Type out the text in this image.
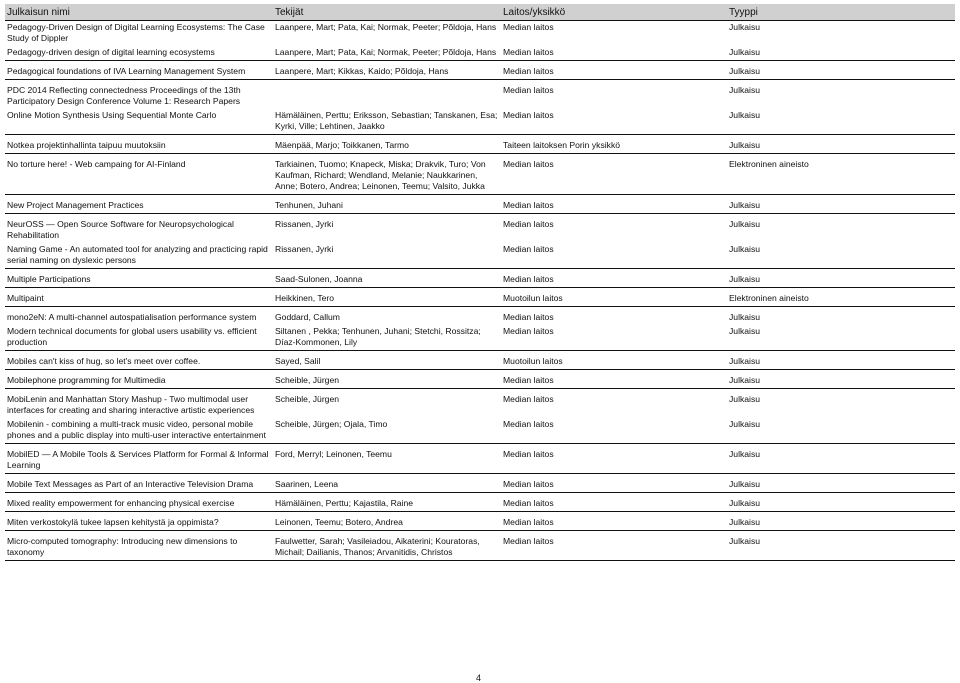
Julkaisun nimi	Tekijät	Laitos/yksikkö	Tyyppi
Pedagogy-Driven Design of Digital Learning Ecosystems: The Case Study of Dippler	Laanpere, Mart; Pata, Kai; Normak, Peeter; Põldoja, Hans	Median laitos	Julkaisu
Pedagogy-driven design of digital learning ecosystems	Laanpere, Mart; Pata, Kai; Normak, Peeter; Põldoja, Hans	Median laitos	Julkaisu

Pedagogical foundations of IVA Learning Management System	Laanpere, Mart; Kikkas, Kaido; Põldoja, Hans	Median laitos	Julkaisu

PDC 2014 Reflecting connectedness Proceedings of the 13th Participatory Design Conference Volume 1: Research Papers		Median laitos	Julkaisu
Online Motion Synthesis Using Sequential Monte Carlo	Hämäläinen, Perttu; Eriksson, Sebastian; Tanskanen, Esa; Kyrki, Ville; Lehtinen, Jaakko	Median laitos	Julkaisu

Notkea projektinhallinta taipuu muutoksiin	Mäenpää, Marjo; Toikkanen, Tarmo	Taiteen laitoksen Porin yksikkö	Julkaisu

No torture here! - Web campaing for AI-Finland	Tarkiainen, Tuomo; Knapeck, Miska; Drakvik, Turo; Von Kaufman, Richard; Wendland, Melanie; Naukkarinen, Anne; Botero, Andrea; Leinonen, Teemu; Valsito, Jukka	Median laitos	Elektroninen aineisto

New Project Management Practices	Tenhunen, Juhani	Median laitos	Julkaisu

NeurOSS — Open Source Software for Neuropsychological Rehabilitation	Rissanen, Jyrki	Median laitos	Julkaisu
Naming Game - An automated tool for analyzing and practicing rapid serial naming on dyslexic persons	Rissanen, Jyrki	Median laitos	Julkaisu

Multiple Participations	Saad-Sulonen, Joanna	Median laitos	Julkaisu

Multipaint	Heikkinen, Tero	Muotoilun laitos	Elektroninen aineisto

mono2eN: A multi-channel autospatialisation performance system	Goddard, Callum	Median laitos	Julkaisu
Modern technical documents for global users usability vs. efficient production	Siltanen , Pekka; Tenhunen, Juhani; Stetchi, Rossitza; Díaz-Kommonen, Lily	Median laitos	Julkaisu

Mobiles can't kiss of hug, so let's meet over coffee.	Sayed, Salil	Muotoilun laitos	Julkaisu

Mobilephone programming for Multimedia	Scheible, Jürgen	Median laitos	Julkaisu

MobiLenin and Manhattan Story Mashup - Two multimodal user interfaces for creating and sharing interactive artistic experiences	Scheible, Jürgen	Median laitos	Julkaisu
Mobilenin - combining a multi-track music video, personal mobile phones and a public display into multi-user interactive entertainment	Scheible, Jürgen; Ojala, Timo	Median laitos	Julkaisu

MobilED — A Mobile Tools & Services Platform for Formal & Informal Learning	Ford, Merryl; Leinonen, Teemu	Median laitos	Julkaisu

Mobile Text Messages as Part of an Interactive Television Drama	Saarinen, Leena	Median laitos	Julkaisu

Mixed reality empowerment for enhancing physical exercise	Hämäläinen, Perttu; Kajastila, Raine	Median laitos	Julkaisu

Miten verkostokylä tukee lapsen kehitystä ja oppimista?	Leinonen, Teemu; Botero, Andrea	Median laitos	Julkaisu

Micro-computed tomography: Introducing new dimensions to taxonomy	Faulwetter, Sarah; Vasileiadou, Aikaterini; Kouratoras, Michail; Dailianis, Thanos; Arvanitidis, Christos	Median laitos	Julkaisu
4
